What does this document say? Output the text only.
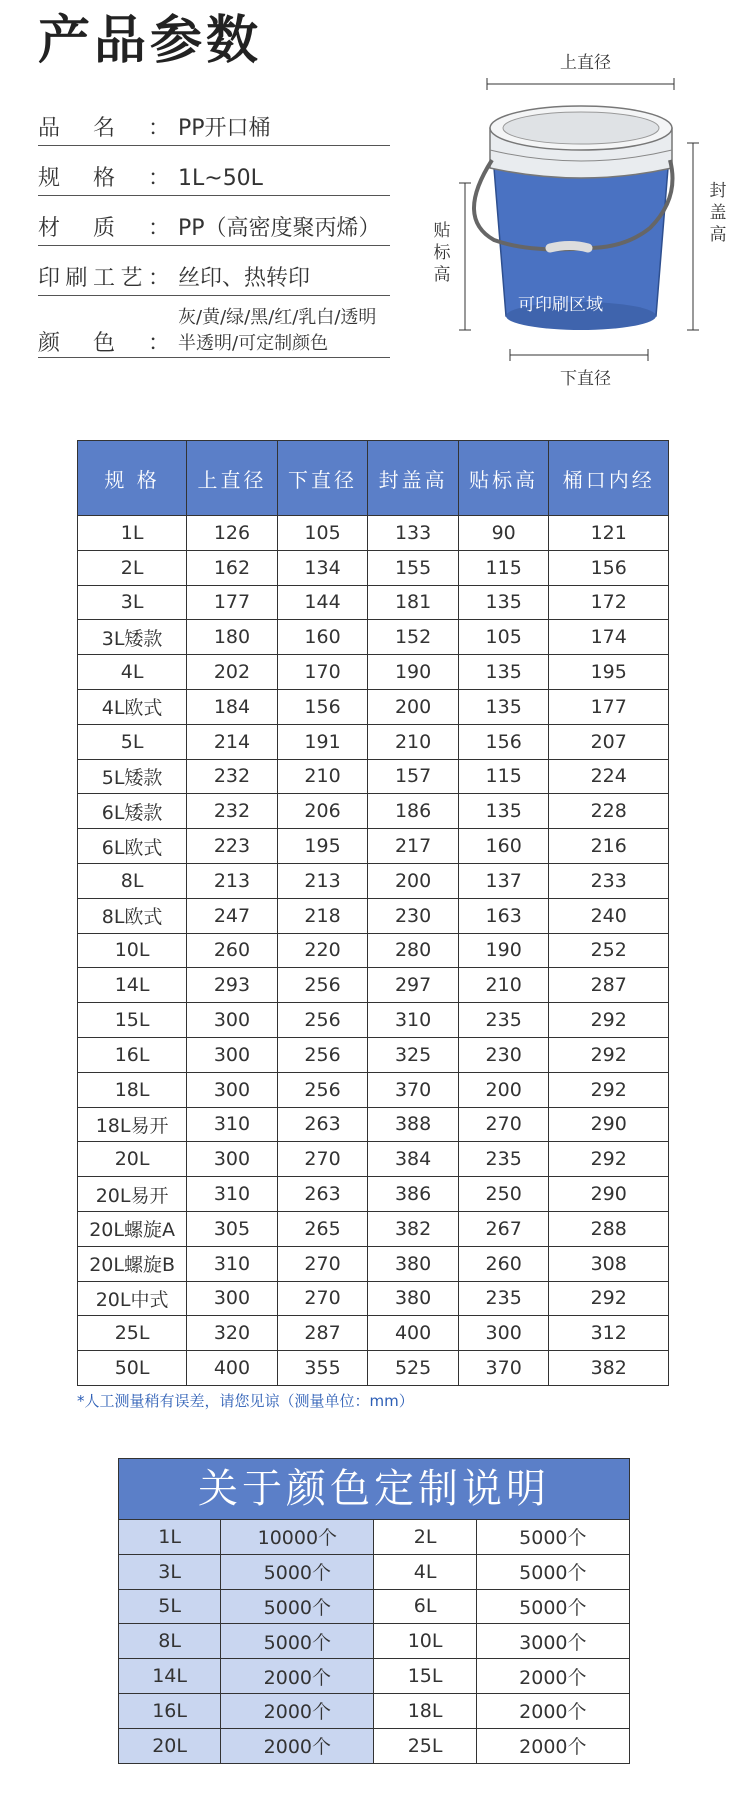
产品参数
品名： PP开口桶
规格： 1L~50L
材质： PP（高密度聚丙烯）
印刷工艺： 丝印、热转印
颜色：
灰/黄/绿/黑/红/乳白/透明
半透明/可定制颜色
上直径
下直径
封盖高
贴标高
可印刷区域
规 格	上直径	下直径	封盖高	贴标高	桶口内经
1L	126	105	133	90	121
2L	162	134	155	115	156
3L	177	144	181	135	172
3L矮款	180	160	152	105	174
4L	202	170	190	135	195
4L欧式	184	156	200	135	177
5L	214	191	210	156	207
5L矮款	232	210	157	115	224
6L矮款	232	206	186	135	228
6L欧式	223	195	217	160	216
8L	213	213	200	137	233
8L欧式	247	218	230	163	240
10L	260	220	280	190	252
14L	293	256	297	210	287
15L	300	256	310	235	292
16L	300	256	325	230	292
18L	300	256	370	200	292
18L易开	310	263	388	270	290
20L	300	270	384	235	292
20L易开	310	263	386	250	290
20L螺旋A	305	265	382	267	288
20L螺旋B	310	270	380	260	308
20L中式	300	270	380	235	292
25L	320	287	400	300	312
50L	400	355	525	370	382
*人工测量稍有误差，请您见谅（测量单位：mm）
关于颜色定制说明
1L	10000个	2L	5000个
3L	5000个	4L	5000个
5L	5000个	6L	5000个
8L	5000个	10L	3000个
14L	2000个	15L	2000个
16L	2000个	18L	2000个
20L	2000个	25L	2000个
